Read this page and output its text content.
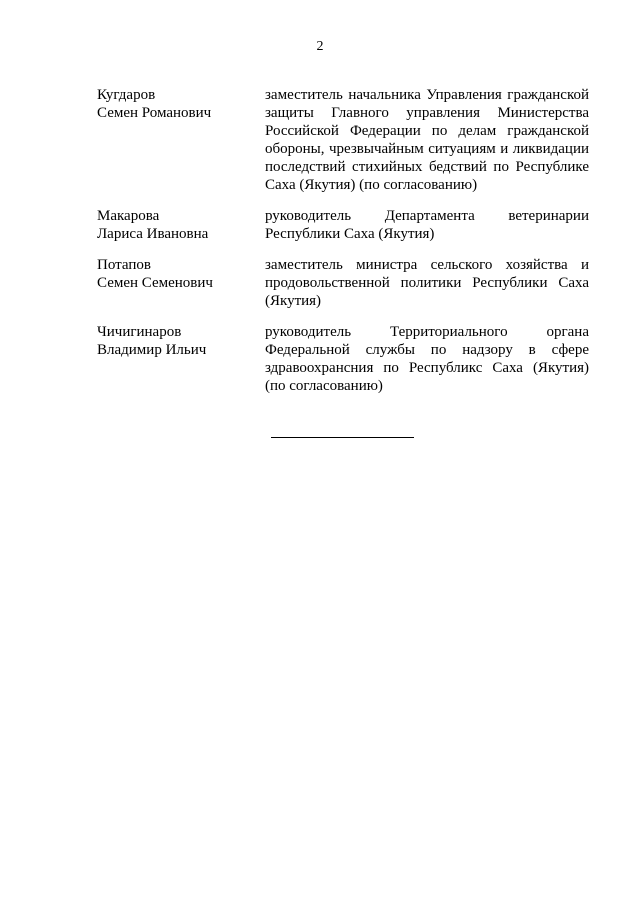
2
Кугдаров
Семен Романович
заместитель начальника Управления гражданской
защиты Главного управления Министерства
Российской Федерации по делам гражданской
обороны, чрезвычайным ситуациям и ликвидации
последствий стихийных бедствий по Республике
Саха (Якутия) (по согласованию)
Макарова
Лариса Ивановна
руководитель Департамента ветеринарии
Республики Саха (Якутия)
Потапов
Семен Семенович
заместитель министра сельского хозяйства и
продовольственной политики Республики Саха
(Якутия)
Чичигинаров
Владимир Ильич
руководитель Территориального органа
Федеральной службы по надзору в сфере
здравоохрансния по Республикс Саха (Якутия)
(по согласованию)
